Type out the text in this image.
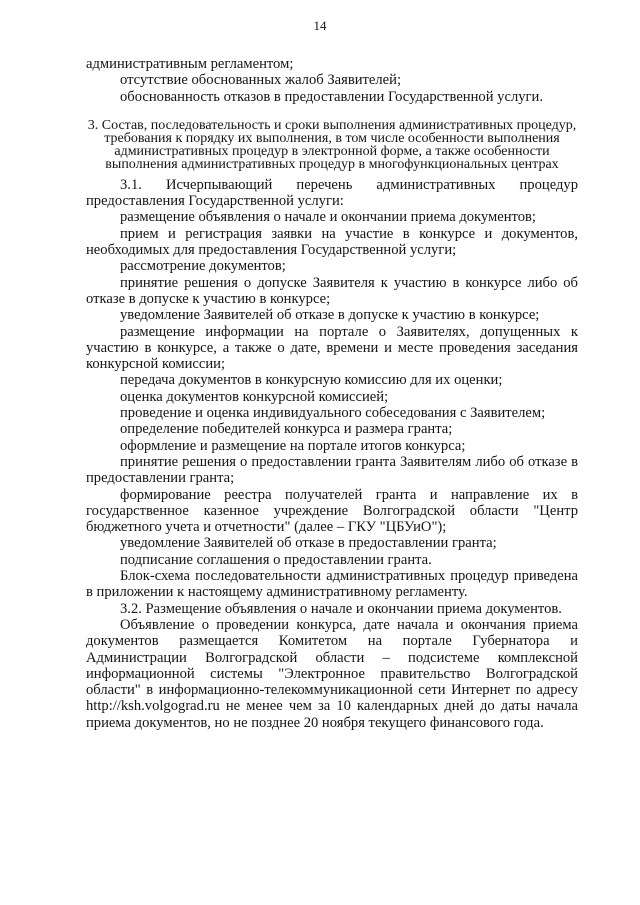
14

административным регламентом;

отсутствие обоснованных жалоб Заявителей;

обоснованность отказов в предоставлении Государственной услуги.

3. Состав, последовательность и сроки выполнения административных процедур, требования к порядку их выполнения, в том числе особенности выполнения административных процедур в электронной форме, а также особенности выполнения административных процедур в многофункциональных центрах

3.1. Исчерпывающий перечень административных процедур предоставления Государственной услуги:

размещение объявления о начале и окончании приема документов;

прием и регистрация заявки на участие в конкурсе и документов, необходимых для предоставления Государственной услуги;

рассмотрение документов;

принятие решения о допуске Заявителя к участию в конкурсе либо об отказе в допуске к участию в конкурсе;

уведомление Заявителей об отказе в допуске к участию в конкурсе;

размещение информации на портале о Заявителях, допущенных к участию в конкурсе, а также о дате, времени и месте проведения заседания конкурсной комиссии;

передача документов в конкурсную комиссию для их оценки;

оценка документов конкурсной комиссией;

проведение и оценка индивидуального собеседования с Заявителем;

определение победителей конкурса и размера гранта;

оформление и размещение на портале итогов конкурса;

принятие решения о предоставлении гранта Заявителям либо об отказе в предоставлении гранта;

формирование реестра получателей гранта и направление их в государственное казенное учреждение Волгоградской области "Центр бюджетного учета и отчетности" (далее – ГКУ "ЦБУиО");

уведомление Заявителей об отказе в предоставлении гранта;

подписание соглашения о предоставлении гранта.

Блок-схема последовательности административных процедур приведена в приложении к настоящему административному регламенту.

3.2. Размещение объявления о начале и окончании приема документов.

Объявление о проведении конкурса, дате начала и окончания приема документов размещается Комитетом на портале Губернатора и Администрации Волгоградской области – подсистеме комплексной информационной системы "Электронное правительство Волгоградской области" в информационно-телекоммуникационной сети Интернет по адресу http://ksh.volgograd.ru не менее чем за 10 календарных дней до даты начала приема документов, но не позднее 20 ноября текущего финансового года.
